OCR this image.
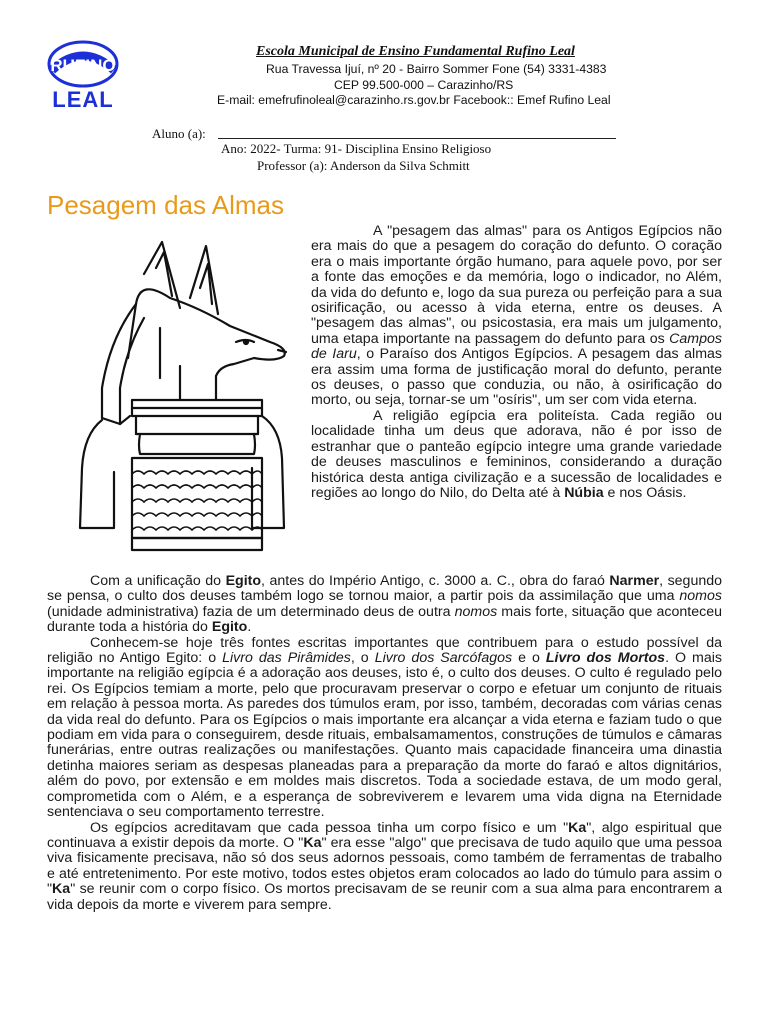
RUFINO
LEAL
Escola Municipal de Ensino Fundamental Rufino Leal
Rua Travessa Ijuí, nº 20 - Bairro Sommer Fone (54) 3331-4383
CEP 99.500-000 – Carazinho/RS
E-mail: emefrufinoleal@carazinho.rs.gov.br Facebook:: Emef Rufino Leal
Aluno (a):
Ano: 2022- Turma: 91- Disciplina Ensino Religioso
Professor (a): Anderson da Silva Schmitt
Pesagem das Almas

A "pesagem das almas" para os Antigos Egípcios não era mais do que a pesagem do coração do defunto. O coração era o mais importante órgão humano, para aquele povo, por ser a fonte das emoções e da memória, logo o indicador, no Além, da vida do defunto e, logo da sua pureza ou perfeição para a sua osirificação, ou acesso à vida eterna, entre os deuses. A "pesagem das almas", ou psicostasia, era mais um julgamento, uma etapa importante na passagem do defunto para os Campos de Iaru, o Paraíso dos Antigos Egípcios. A pesagem das almas era assim uma forma de justificação moral do defunto, perante os deuses, o passo que conduzia, ou não, à osirificação do morto, ou seja, tornar-se um "osíris", um ser com vida eterna.

A religião egípcia era politeísta. Cada região ou localidade tinha um deus que adorava, não é por isso de estranhar que o panteão egípcio integre uma grande variedade de deuses masculinos e femininos, considerando a duração histórica desta antiga civilização e a sucessão de localidades e regiões ao longo do Nilo, do Delta até à Núbia e nos Oásis.

Com a unificação do Egito, antes do Império Antigo, c. 3000 a. C., obra do faraó Narmer, segundo se pensa, o culto dos deuses também logo se tornou maior, a partir pois da assimilação que uma nomos (unidade administrativa) fazia de um determinado deus de outra nomos mais forte, situação que aconteceu durante toda a história do Egito.

Conhecem-se hoje três fontes escritas importantes que contribuem para o estudo possível da religião no Antigo Egito: o Livro das Pirâmides, o Livro dos Sarcófagos e o Livro dos Mortos. O mais importante na religião egípcia é a adoração aos deuses, isto é, o culto dos deuses. O culto é regulado pelo rei. Os Egípcios temiam a morte, pelo que procuravam preservar o corpo e efetuar um conjunto de rituais em relação à pessoa morta. As paredes dos túmulos eram, por isso, também, decoradas com várias cenas da vida real do defunto. Para os Egípcios o mais importante era alcançar a vida eterna e faziam tudo o que podiam em vida para o conseguirem, desde rituais, embalsamamentos, construções de túmulos e câmaras funerárias, entre outras realizações ou manifestações. Quanto mais capacidade financeira uma dinastia detinha maiores seriam as despesas planeadas para a preparação da morte do faraó e altos dignitários, além do povo, por extensão e em moldes mais discretos. Toda a sociedade estava, de um modo geral, comprometida com o Além, e a esperança de sobreviverem e levarem uma vida digna na Eternidade sentenciava o seu comportamento terrestre.

Os egípcios acreditavam que cada pessoa tinha um corpo físico e um "Ka", algo espiritual que continuava a existir depois da morte. O "Ka" era esse "algo" que precisava de tudo aquilo que uma pessoa viva fisicamente precisava, não só dos seus adornos pessoais, como também de ferramentas de trabalho e até entretenimento. Por este motivo, todos estes objetos eram colocados ao lado do túmulo para assim o "Ka" se reunir com o corpo físico. Os mortos precisavam de se reunir com a sua alma para encontrarem a vida depois da morte e viverem para sempre.
